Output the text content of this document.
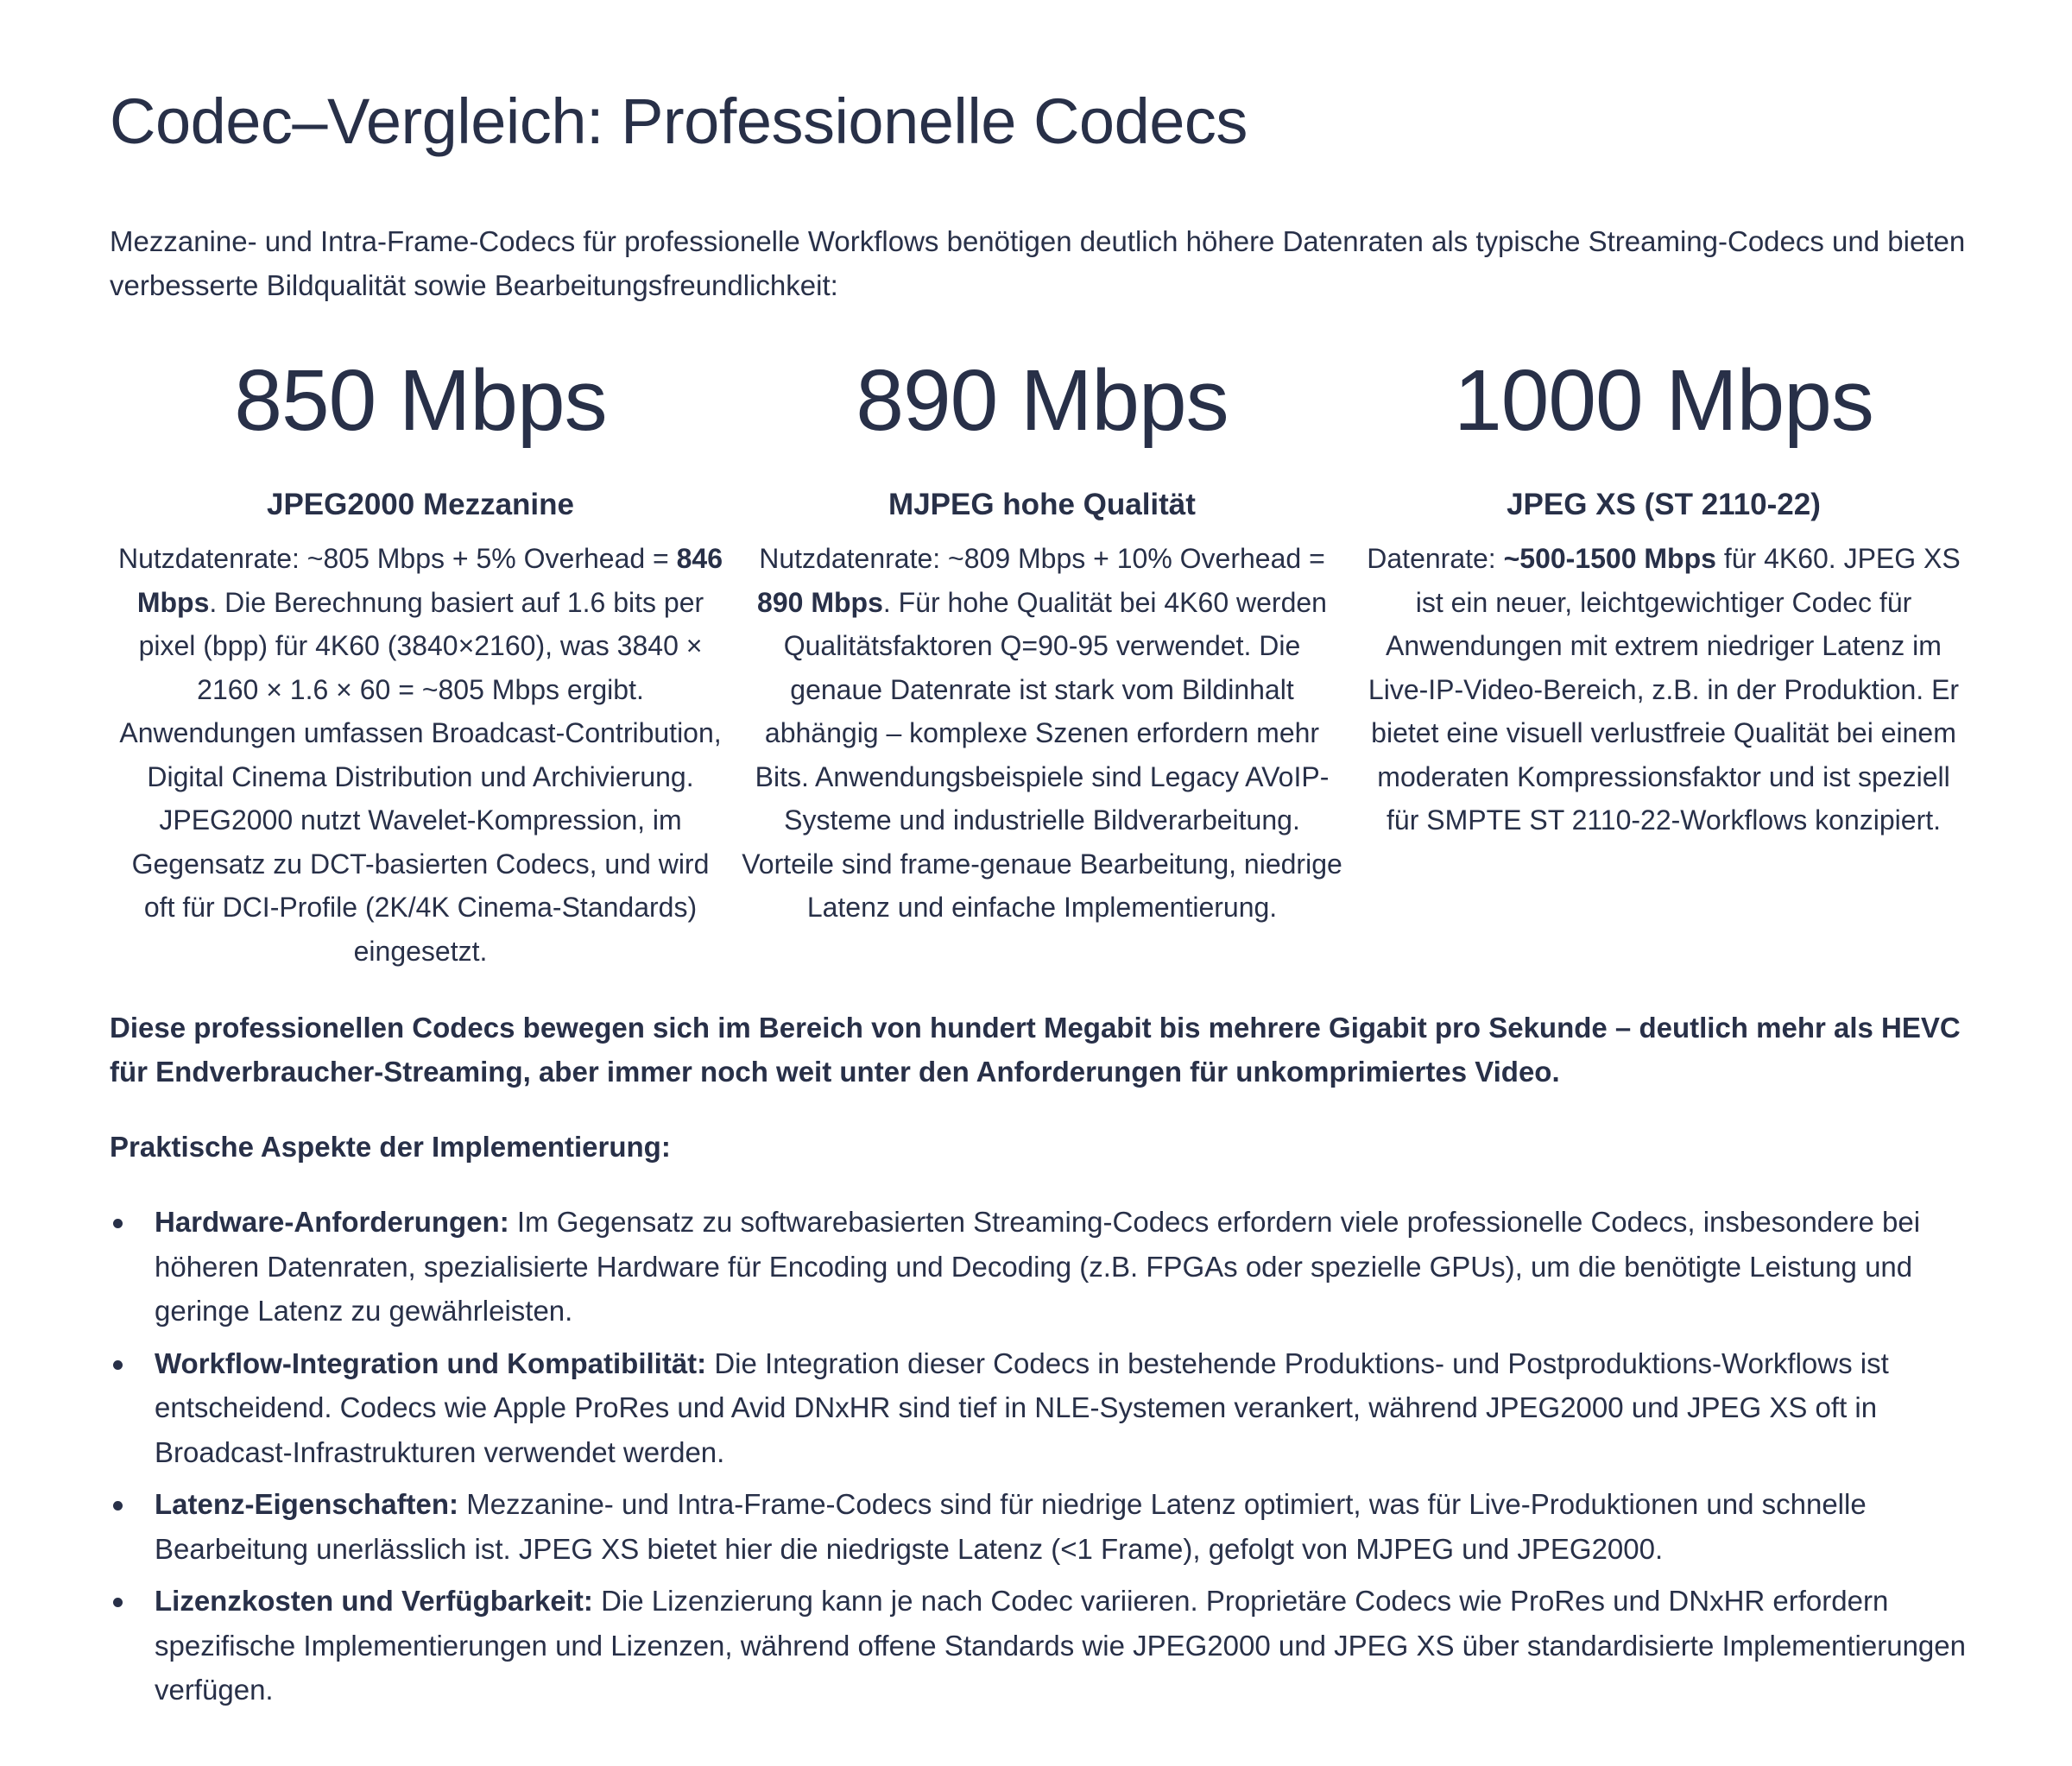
Codec–Vergleich: Professionelle Codecs

Mezzanine- und Intra-Frame-Codecs für professionelle Workflows benötigen deutlich höhere Datenraten als typische Streaming-Codecs und bieten verbesserte Bildqualität sowie Bearbeitungsfreundlichkeit:

850 Mbps
JPEG2000 Mezzanine
Nutzdatenrate: ~805 Mbps + 5% Overhead = 846 Mbps. Die Berechnung basiert auf 1.6 bits per pixel (bpp) für 4K60 (3840×2160), was 3840 × 2160 × 1.6 × 60 = ~805 Mbps ergibt. Anwendungen umfassen Broadcast-Contribution, Digital Cinema Distribution und Archivierung. JPEG2000 nutzt Wavelet-Kompression, im Gegensatz zu DCT-basierten Codecs, und wird oft für DCI-Profile (2K/4K Cinema-Standards) eingesetzt.
890 Mbps
MJPEG hohe Qualität
Nutzdatenrate: ~809 Mbps + 10% Overhead = 890 Mbps. Für hohe Qualität bei 4K60 werden Qualitätsfaktoren Q=90-95 verwendet. Die genaue Datenrate ist stark vom Bildinhalt abhängig – komplexe Szenen erfordern mehr Bits. Anwendungsbeispiele sind Legacy AVoIP-Systeme und industrielle Bildverarbeitung. Vorteile sind frame-genaue Bearbeitung, niedrige Latenz und einfache Implementierung.
1000 Mbps
JPEG XS (ST 2110-22)
Datenrate: ~500-1500 Mbps für 4K60. JPEG XS ist ein neuer, leichtgewichtiger Codec für Anwendungen mit extrem niedriger Latenz im Live-IP-Video-Bereich, z.B. in der Produktion. Er bietet eine visuell verlustfreie Qualität bei einem moderaten Kompressionsfaktor und ist speziell für SMPTE ST 2110-22-Workflows konzipiert.

Diese professionellen Codecs bewegen sich im Bereich von hundert Megabit bis mehrere Gigabit pro Sekunde – deutlich mehr als HEVC für Endverbraucher-Streaming, aber immer noch weit unter den Anforderungen für unkomprimiertes Video.

Praktische Aspekte der Implementierung:

Hardware-Anforderungen: Im Gegensatz zu softwarebasierten Streaming-Codecs erfordern viele professionelle Codecs, insbesondere bei höheren Datenraten, spezialisierte Hardware für Encoding und Decoding (z.B. FPGAs oder spezielle GPUs), um die benötigte Leistung und geringe Latenz zu gewährleisten.
Workflow-Integration und Kompatibilität: Die Integration dieser Codecs in bestehende Produktions- und Postproduktions-Workflows ist entscheidend. Codecs wie Apple ProRes und Avid DNxHR sind tief in NLE-Systemen verankert, während JPEG2000 und JPEG XS oft in Broadcast-Infrastrukturen verwendet werden.
Latenz-Eigenschaften: Mezzanine- und Intra-Frame-Codecs sind für niedrige Latenz optimiert, was für Live-Produktionen und schnelle Bearbeitung unerlässlich ist. JPEG XS bietet hier die niedrigste Latenz (<1 Frame), gefolgt von MJPEG und JPEG2000.
Lizenzkosten und Verfügbarkeit: Die Lizenzierung kann je nach Codec variieren. Proprietäre Codecs wie ProRes und DNxHR erfordern spezifische Implementierungen und Lizenzen, während offene Standards wie JPEG2000 und JPEG XS über standardisierte Implementierungen verfügen.
